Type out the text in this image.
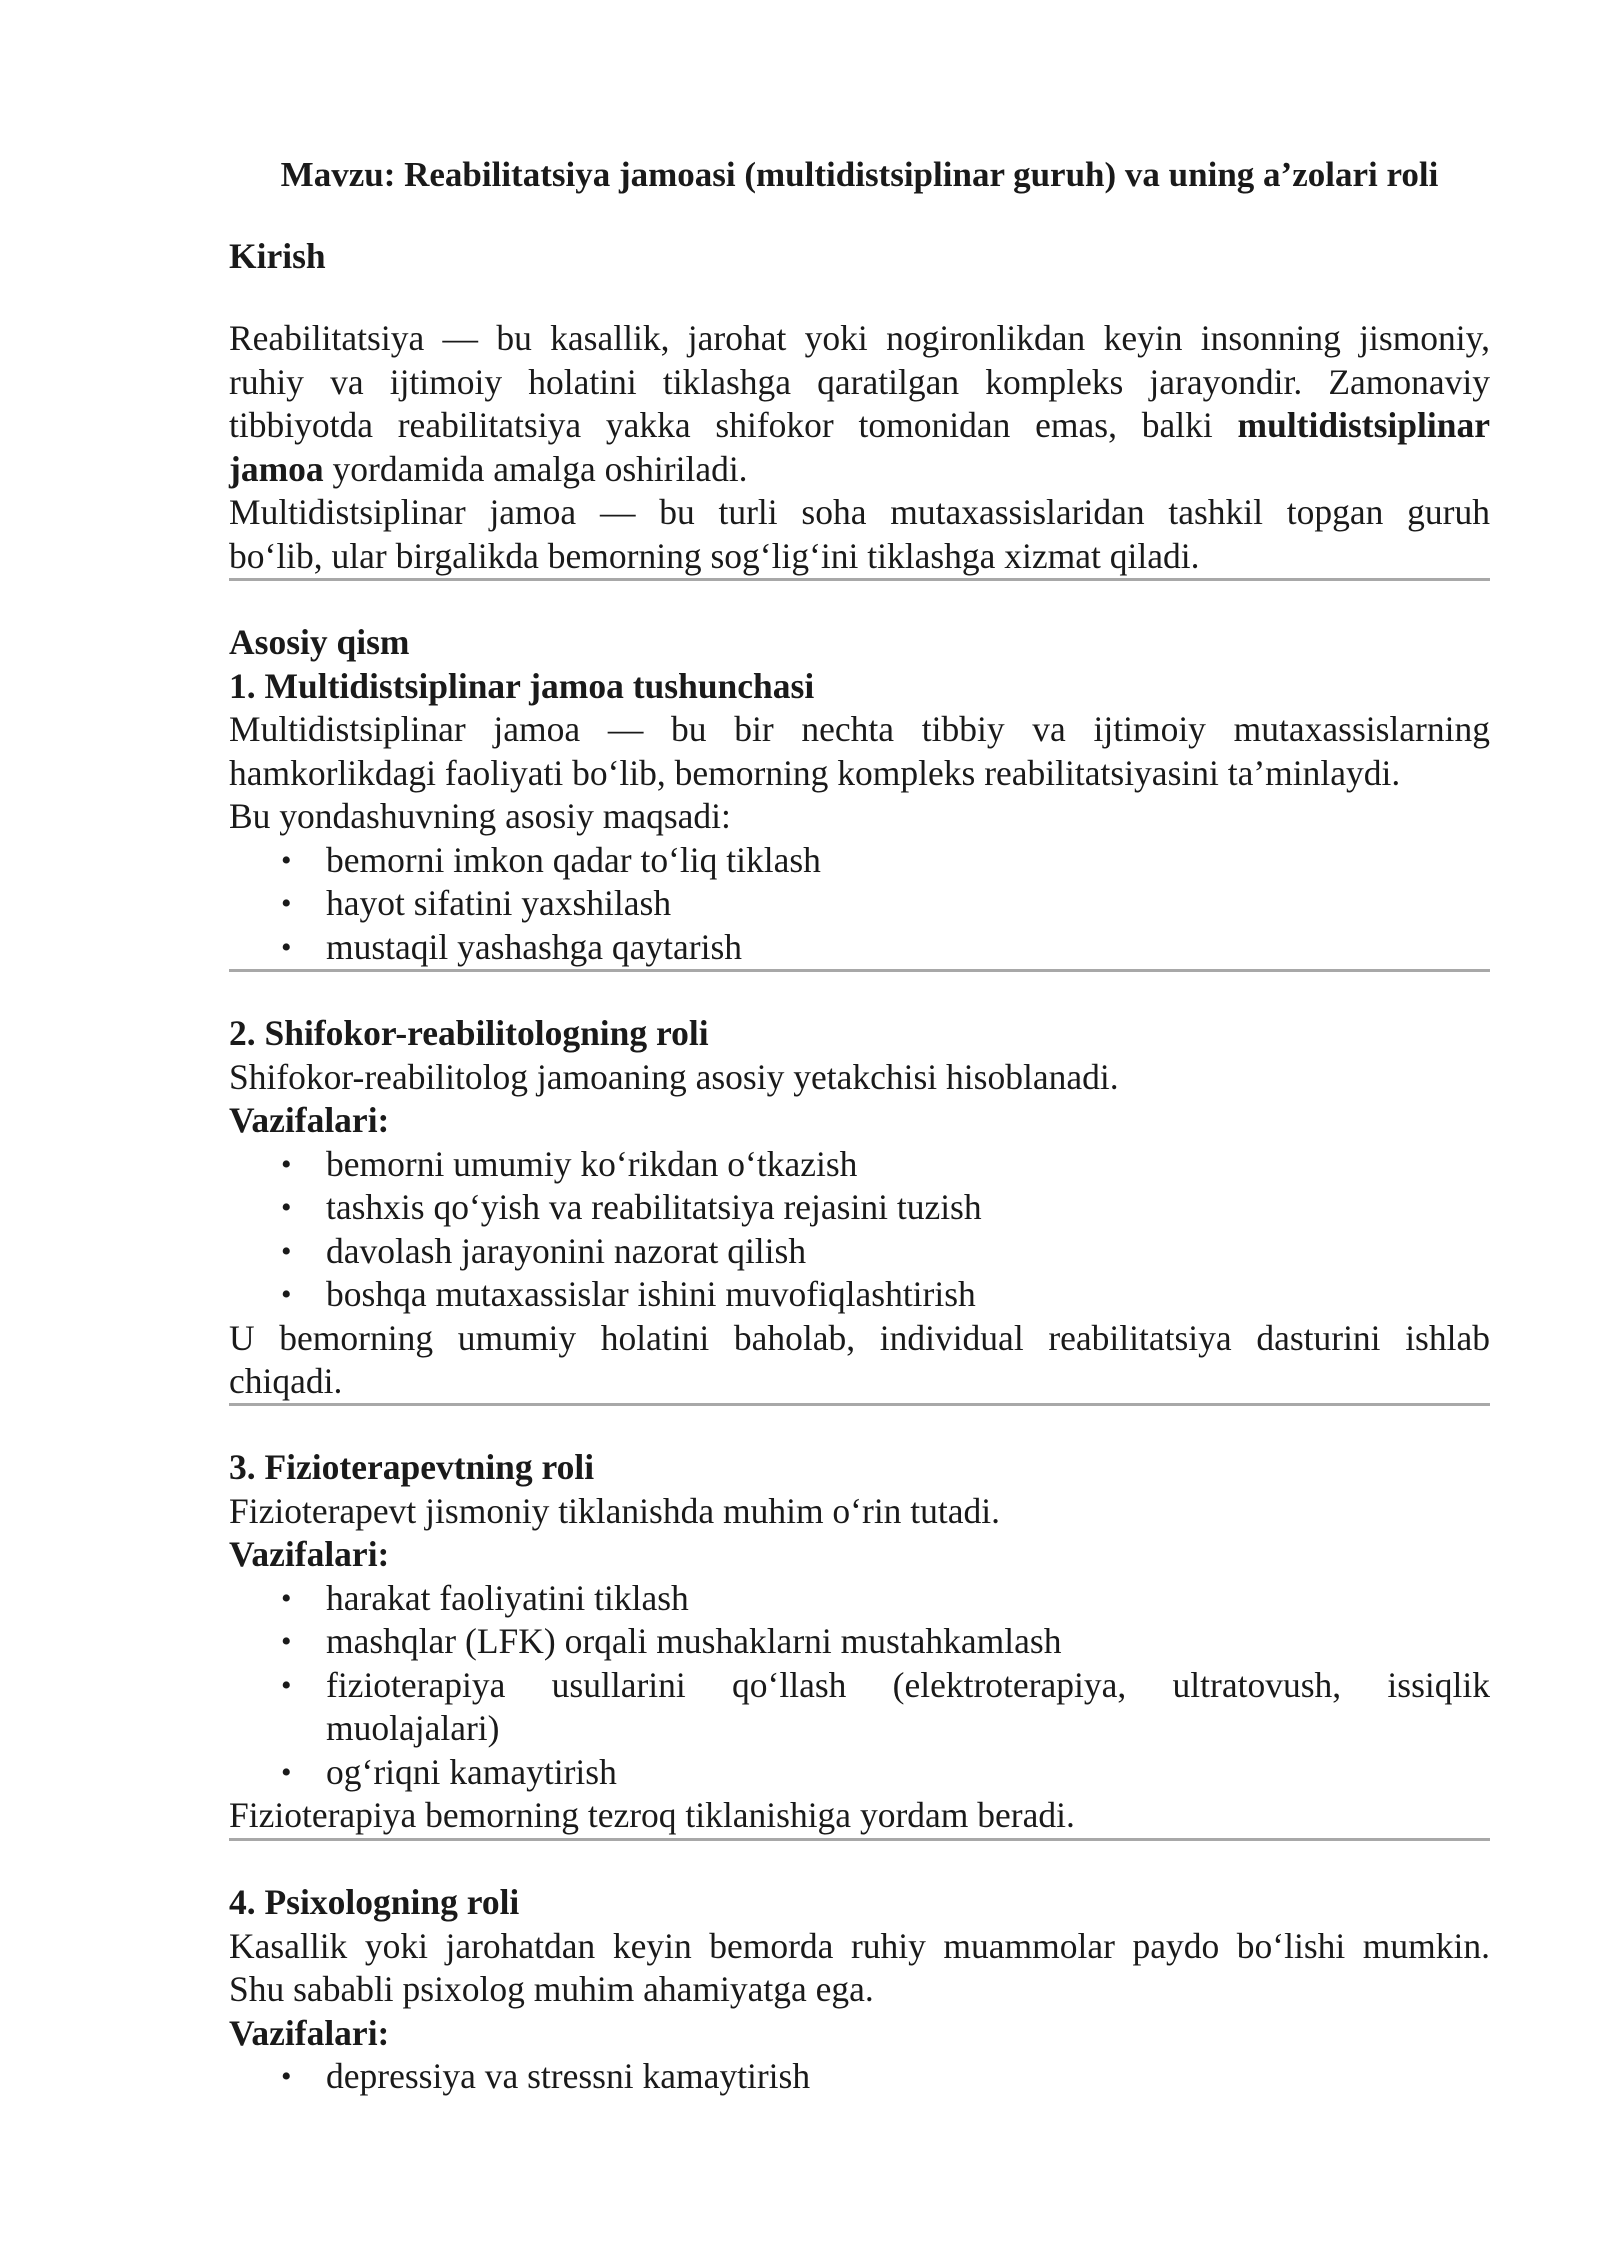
Mavzu: Reabilitatsiya jamoasi (multidistsiplinar guruh) va uning a’zolari roli
Kirish

Reabilitatsiya — bu kasallik, jarohat yoki nogironlikdan keyin insonning jismoniy,

ruhiy va ijtimoiy holatini tiklashga qaratilgan kompleks jarayondir. Zamonaviy

tibbiyotda reabilitatsiya yakka shifokor tomonidan emas, balki multidistsiplinar

jamoa yordamida amalga oshiriladi.

Multidistsiplinar jamoa — bu turli soha mutaxassislaridan tashkil topgan guruh

bo‘lib, ular birgalikda bemorning sog‘lig‘ini tiklashga xizmat qiladi.

Asosiy qism

1. Multidistsiplinar jamoa tushunchasi

Multidistsiplinar jamoa — bu bir nechta tibbiy va ijtimoiy mutaxassislarning

hamkorlikdagi faoliyati bo‘lib, bemorning kompleks reabilitatsiyasini ta’minlaydi.

Bu yondashuvning asosiy maqsadi:

• bemorni imkon qadar to‘liq tiklash
• hayot sifatini yaxshilash
• mustaqil yashashga qaytarish

2. Shifokor-reabilitologning roli

Shifokor-reabilitolog jamoaning asosiy yetakchisi hisoblanadi.

Vazifalari:

• bemorni umumiy ko‘rikdan o‘tkazish
• tashxis qo‘yish va reabilitatsiya rejasini tuzish
• davolash jarayonini nazorat qilish
• boshqa mutaxassislar ishini muvofiqlashtirish

U bemorning umumiy holatini baholab, individual reabilitatsiya dasturini ishlab

chiqadi.

3. Fizioterapevtning roli

Fizioterapevt jismoniy tiklanishda muhim o‘rin tutadi.

Vazifalari:

• harakat faoliyatini tiklash
• mashqlar (LFK) orqali mushaklarni mustahkamlash
• fizioterapiya usullarini qo‘llash (elektroterapiya, ultratovush, issiqlik
muolajalari)
• og‘riqni kamaytirish

Fizioterapiya bemorning tezroq tiklanishiga yordam beradi.

4. Psixologning roli

Kasallik yoki jarohatdan keyin bemorda ruhiy muammolar paydo bo‘lishi mumkin.

Shu sababli psixolog muhim ahamiyatga ega.

Vazifalari:

• depressiya va stressni kamaytirish
